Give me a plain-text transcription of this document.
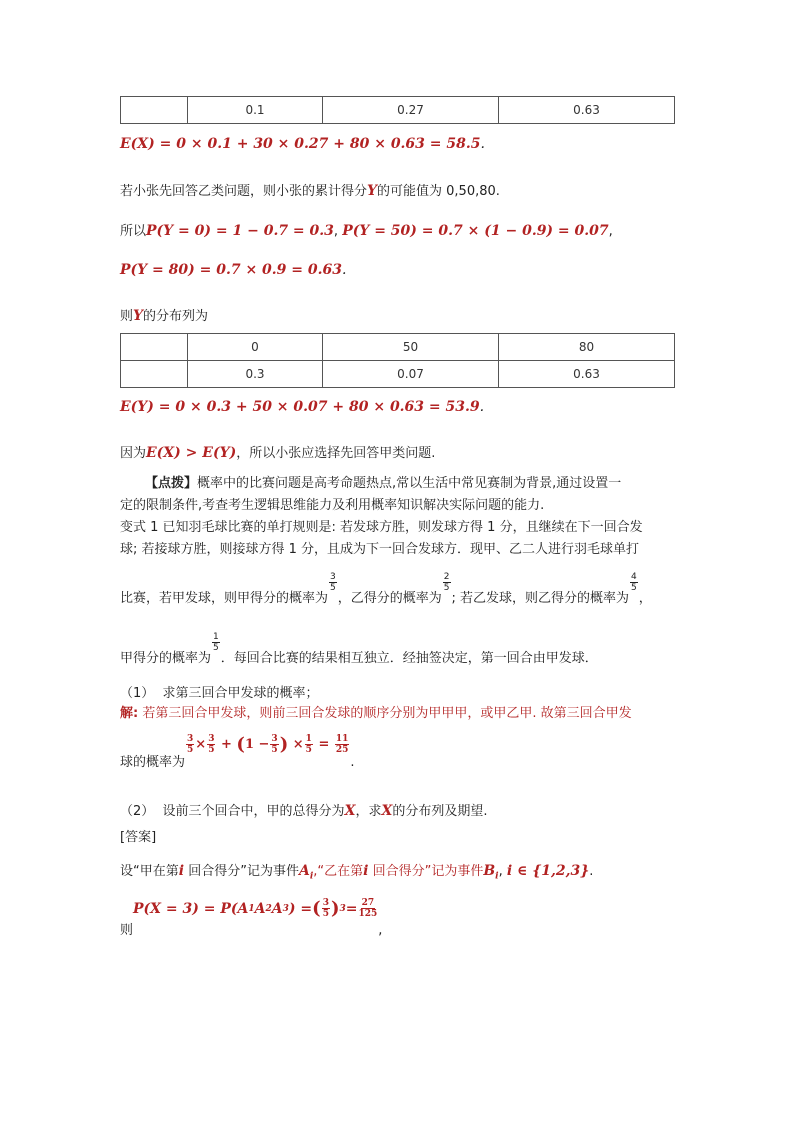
	0.1	0.27	0.63
E(X) = 0 × 0.1 + 30 × 0.27 + 80 × 0.63 = 58.5.
若小张先回答乙类问题，则小张的累计得分Y的可能值为 0,50,80.
所以P(Y = 0) = 1 − 0.7 = 0.3, P(Y = 50) = 0.7 × (1 − 0.9) = 0.07,
P(Y = 80) = 0.7 × 0.9 = 0.63.
则Y的分布列为
	0	50	80
	0.3	0.07	0.63
E(Y) = 0 × 0.3 + 50 × 0.07 + 80 × 0.63 = 53.9.
因为E(X) > E(Y)，所以小张应选择先回答甲类问题.
【点拨】概率中的比赛问题是高考命题热点,常以生活中常见赛制为背景,通过设置一
定的限制条件,考查考生逻辑思维能力及利用概率知识解决实际问题的能力.
变式 1 已知羽毛球比赛的单打规则是: 若发球方胜，则发球方得 1 分，且继续在下一回合发
球; 若接球方胜，则接球方得 1 分，且成为下一回合发球方．现甲、乙二人进行羽毛球单打
比赛，若甲发球，则甲得分的概率为
$\frac{3}{5}$
，乙得分的概率为
$\frac{2}{5}$
; 若乙发球，则乙得分的概率为
$\frac{4}{5}$
，
甲得分的概率为
$\frac{1}{5}$
．每回合比赛的结果相互独立．经抽签决定，第一回合由甲发球．
（1） 求第三回合甲发球的概率；
解: 若第三回合甲发球，则前三回合发球的顺序分别为甲甲甲，或甲乙甲. 故第三回合甲发
球的概率为
$\frac{3}{5} \times \frac{3}{5}$
+
( $1 - \frac{3}{5}$ )
× $\frac{1}{5}$
=
$\frac{11}{25}$
.
（2） 设前三个回合中，甲的总得分为X，求X的分布列及期望.
[答案]
设“甲在第i 回合得分”记为事件$A_i,“$乙在第i 回合得分”记为事件$B_i$, i ∈ {1,2,3}.
则
P(X = 3) = P(A 1 A 2 A 3 ) = ( $\frac{3}{5}$ ) $3 = \frac{27}{125}$
,
